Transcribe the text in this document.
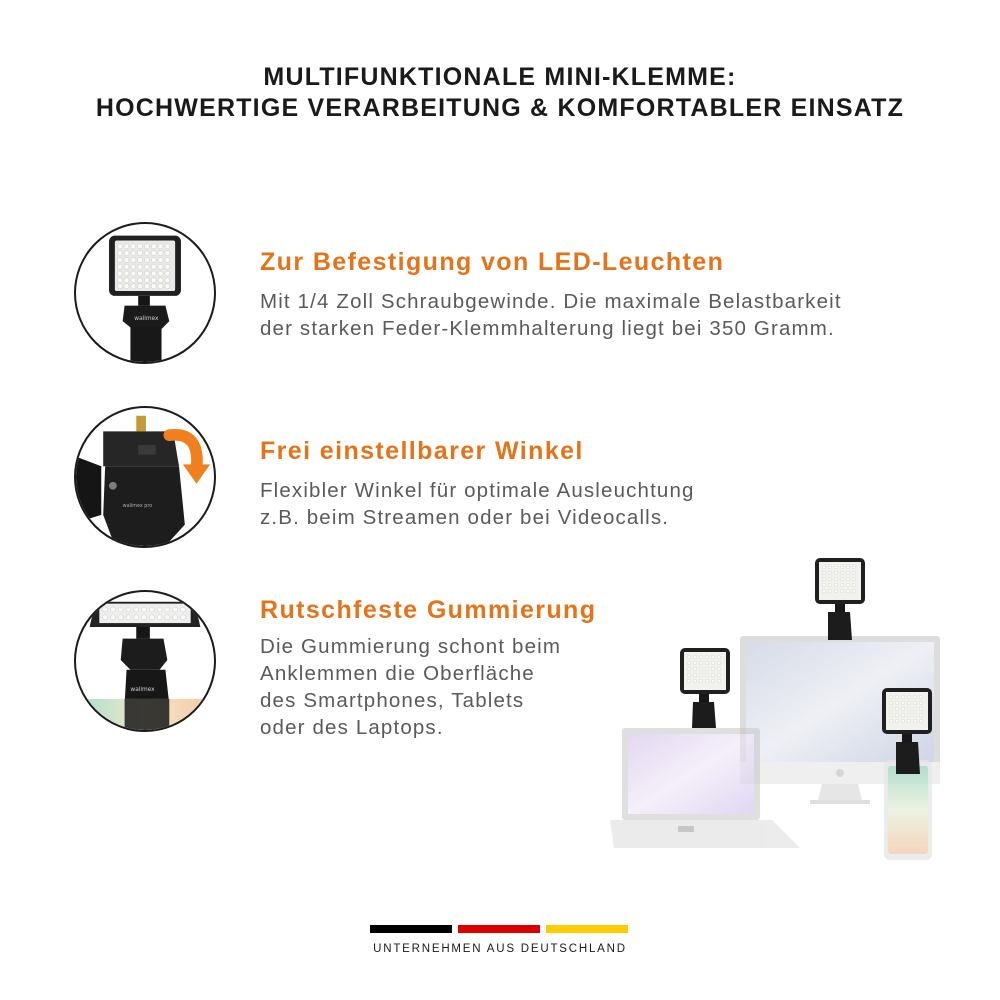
MULTIFUNKTIONALE MINI-KLEMME:
HOCHWERTIGE VERARBEITUNG & KOMFORTABLER EINSATZ
walimex
Zur Befestigung von LED-Leuchten
Mit 1/4 Zoll Schraubgewinde. Die maximale Belastbarkeit
der starken Feder-Klemmhalterung liegt bei 350 Gramm.
walimex pro
Frei einstellbarer Winkel
Flexibler Winkel für optimale Ausleuchtung
z.B. beim Streamen oder bei Videocalls.
walimex
Rutschfeste Gummierung
Die Gummierung schont beim
Anklemmen die Oberfläche
des Smartphones, Tablets
oder des Laptops.
UNTERNEHMEN AUS DEUTSCHLAND
